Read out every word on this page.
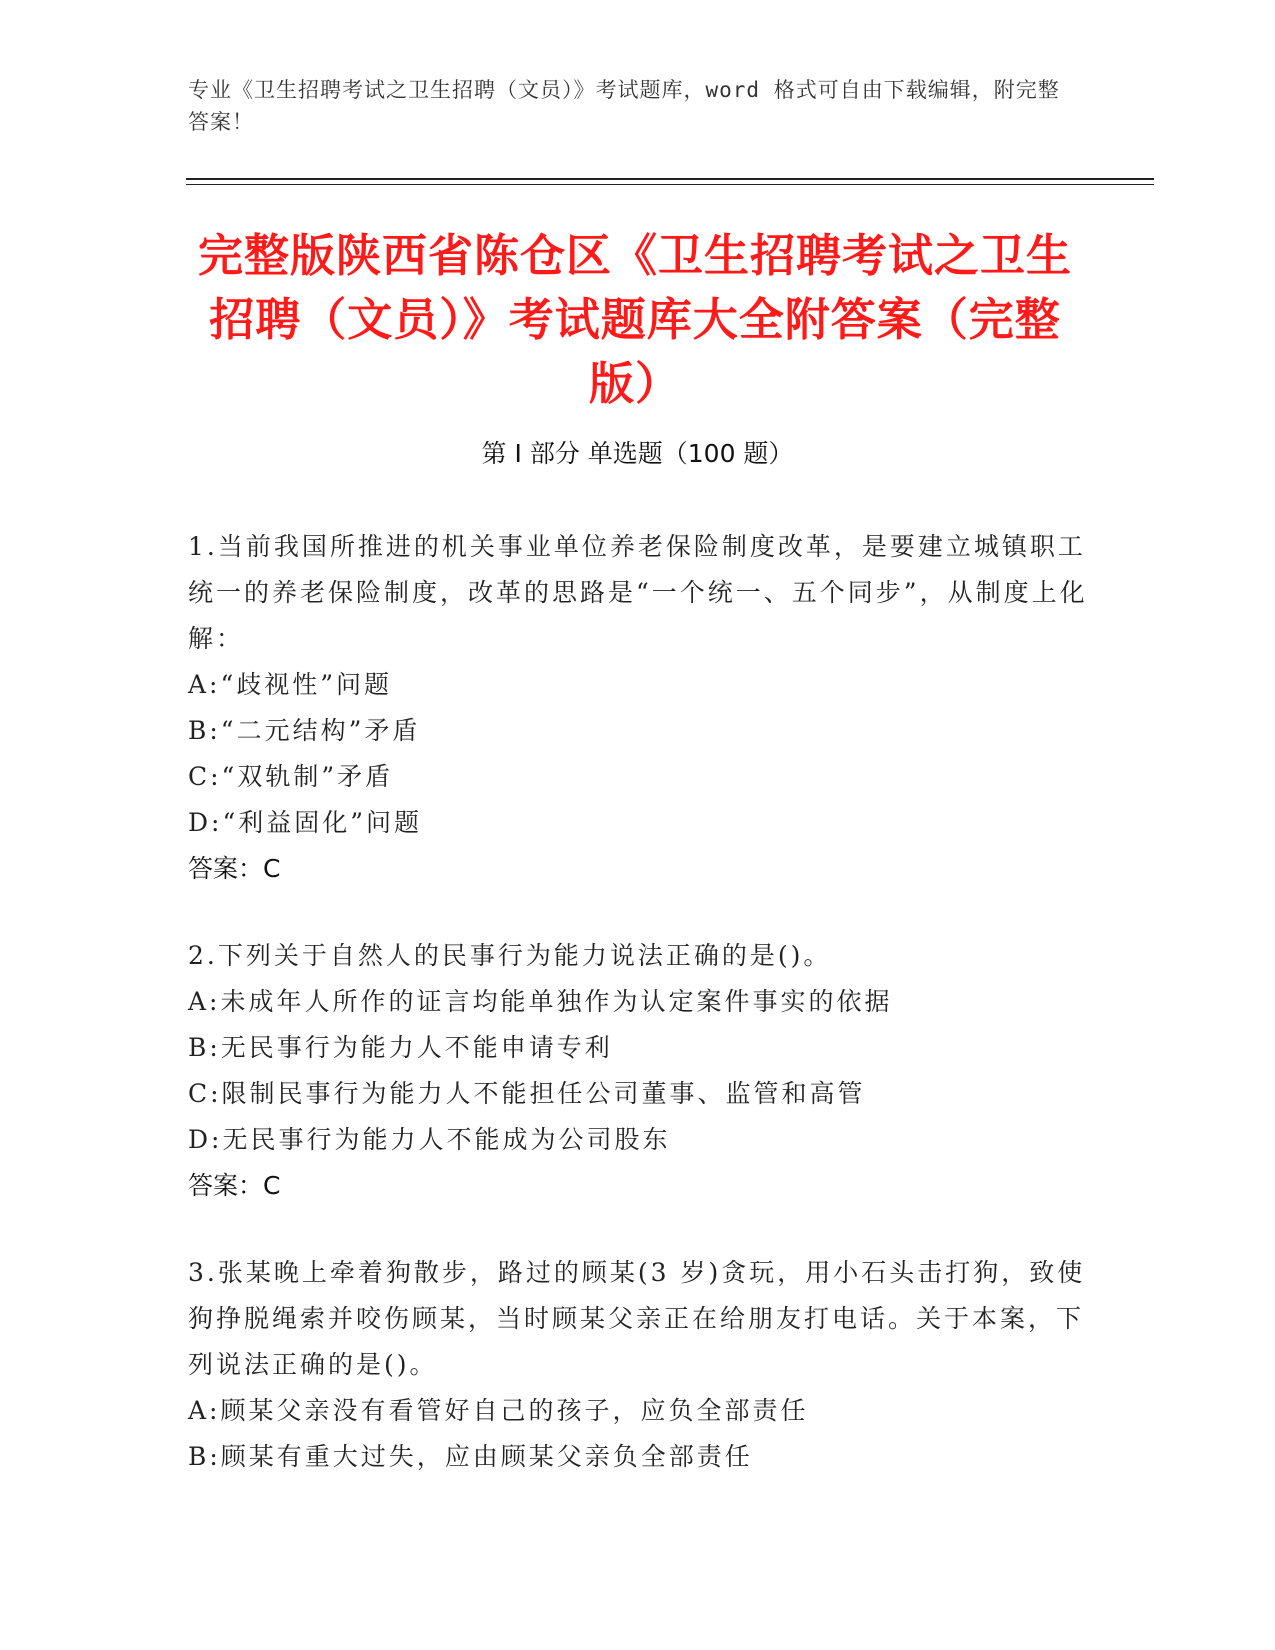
专业《卫生招聘考试之卫生招聘（文员）》考试题库，word 格式可自由下载编辑，附完整答案！
完整版陕西省陈仓区《卫生招聘考试之卫生招聘（文员）》考试题库大全附答案（完整版）
第 I 部分 单选题（100 题）

1.当前我国所推进的机关事业单位养老保险制度改革，是要建立城镇职工统一的养老保险制度，改革的思路是“一个统一、五个同步”，从制度上化解：

A:“歧视性”问题

B:“二元结构”矛盾

C:“双轨制”矛盾

D:“利益固化”问题

答案：C

2.下列关于自然人的民事行为能力说法正确的是()。

A:未成年人所作的证言均能单独作为认定案件事实的依据

B:无民事行为能力人不能申请专利

C:限制民事行为能力人不能担任公司董事、监管和高管

D:无民事行为能力人不能成为公司股东

答案：C

3.张某晚上牵着狗散步，路过的顾某(3 岁)贪玩，用小石头击打狗，致使狗挣脱绳索并咬伤顾某，当时顾某父亲正在给朋友打电话。关于本案，下列说法正确的是()。

A:顾某父亲没有看管好自己的孩子，应负全部责任

B:顾某有重大过失，应由顾某父亲负全部责任
